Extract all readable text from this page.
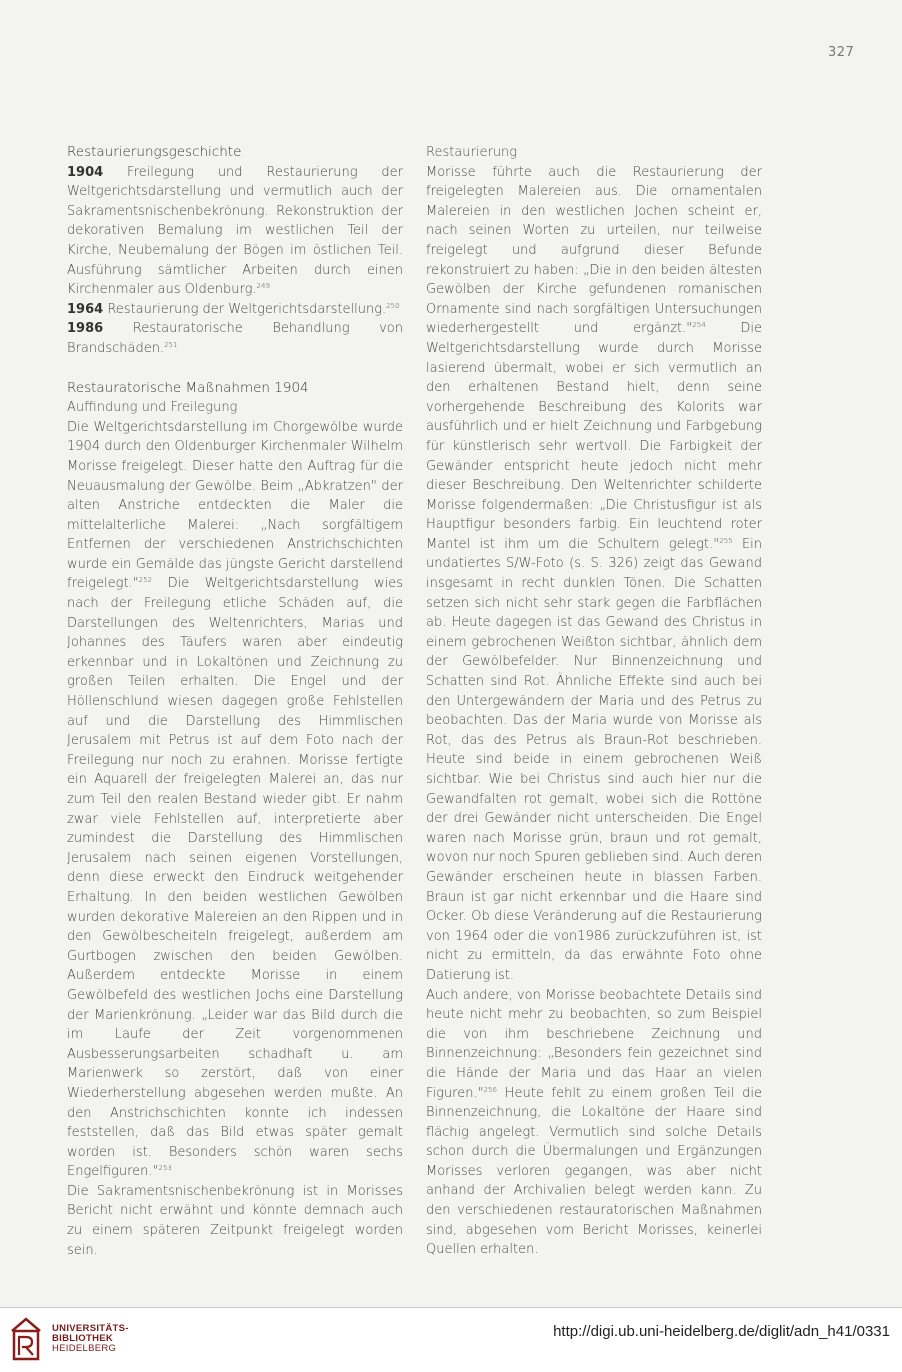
327

Restaurierungsgeschichte

1904 Freilegung und Restaurierung der Weltgerichtsdarstellung und vermutlich auch der Sakramentsnischenbekrönung. Rekonstruktion der dekorativen Bemalung im westlichen Teil der Kirche, Neubemalung der Bögen im östlichen Teil. Ausführung sämtlicher Arbeiten durch einen Kirchenmaler aus Oldenburg.$^{249}$

1964 Restaurierung der Weltgerichtsdarstellung.$^{250}$

1986 Restauratorische Behandlung von Brandschäden.$^{251}$

Restauratorische Maßnahmen 1904

Auffindung und Freilegung

Die Weltgerichtsdarstellung im Chorgewölbe wurde 1904 durch den Oldenburger Kirchenmaler Wilhelm Morisse freigelegt. Dieser hatte den Auftrag für die Neuausmalung der Gewölbe. Beim „Abkratzen" der alten Anstriche entdeckten die Maler die mittelalterliche Malerei: „Nach sorgfältigem Entfernen der verschiedenen Anstrichschichten wurde ein Gemälde das jüngste Gericht darstellend freigelegt."$^{252}$ Die Weltgerichtsdarstellung wies nach der Freilegung etliche Schäden auf, die Darstellungen des Weltenrichters, Marias und Johannes des Täufers waren aber eindeutig erkennbar und in Lokaltönen und Zeichnung zu großen Teilen erhalten. Die Engel und der Höllenschlund wiesen dagegen große Fehlstellen auf und die Darstellung des Himmlischen Jerusalem mit Petrus ist auf dem Foto nach der Freilegung nur noch zu erahnen. Morisse fertigte ein Aquarell der freigelegten Malerei an, das nur zum Teil den realen Bestand wieder gibt. Er nahm zwar viele Fehlstellen auf, interpretierte aber zumindest die Darstellung des Himmlischen Jerusalem nach seinen eigenen Vorstellungen, denn diese erweckt den Eindruck weitgehender Erhaltung. In den beiden westlichen Gewölben wurden dekorative Malereien an den Rippen und in den Gewölbescheiteln freigelegt, außerdem am Gurtbogen zwischen den beiden Gewölben. Außerdem entdeckte Morisse in einem Gewölbefeld des westlichen Jochs eine Darstellung der Marienkrönung. „Leider war das Bild durch die im Laufe der Zeit vorgenommenen Ausbesserungsarbeiten schadhaft u. am Marienwerk so zerstört, daß von einer Wiederherstellung abgesehen werden mußte. An den Anstrichschichten konnte ich indessen feststellen, daß das Bild etwas später gemalt worden ist. Besonders schön waren sechs Engelfiguren."$^{253}$

Die Sakramentsnischenbekrönung ist in Morisses Bericht nicht erwähnt und könnte demnach auch zu einem späteren Zeitpunkt freigelegt worden sein.

Restaurierung

Morisse führte auch die Restaurierung der freigelegten Malereien aus. Die ornamentalen Malereien in den westlichen Jochen scheint er, nach seinen Worten zu urteilen, nur teilweise freigelegt und aufgrund dieser Befunde rekonstruiert zu haben: „Die in den beiden ältesten Gewölben der Kirche gefundenen romanischen Ornamente sind nach sorgfältigen Untersuchungen wiederhergestellt und ergänzt."$^{254}$ Die Weltgerichtsdarstellung wurde durch Morisse lasierend übermalt, wobei er sich vermutlich an den erhaltenen Bestand hielt, denn seine vorhergehende Beschreibung des Kolorits war ausführlich und er hielt Zeichnung und Farbgebung für künstlerisch sehr wertvoll. Die Farbigkeit der Gewänder entspricht heute jedoch nicht mehr dieser Beschreibung. Den Weltenrichter schilderte Morisse folgendermaßen: „Die Christusfigur ist als Hauptfigur besonders farbig. Ein leuchtend roter Mantel ist ihm um die Schultern gelegt."$^{255}$ Ein undatiertes S/W-Foto (s. S. 326) zeigt das Gewand insgesamt in recht dunklen Tönen. Die Schatten setzen sich nicht sehr stark gegen die Farbflächen ab. Heute dagegen ist das Gewand des Christus in einem gebrochenen Weißton sichtbar, ähnlich dem der Gewölbefelder. Nur Binnenzeichnung und Schatten sind Rot. Ähnliche Effekte sind auch bei den Untergewändern der Maria und des Petrus zu beobachten. Das der Maria wurde von Morisse als Rot, das des Petrus als Braun-Rot beschrieben. Heute sind beide in einem gebrochenen Weiß sichtbar. Wie bei Christus sind auch hier nur die Gewandfalten rot gemalt, wobei sich die Rottöne der drei Gewänder nicht unterscheiden. Die Engel waren nach Morisse grün, braun und rot gemalt, wovon nur noch Spuren geblieben sind. Auch deren Gewänder erscheinen heute in blassen Farben. Braun ist gar nicht erkennbar und die Haare sind Ocker. Ob diese Veränderung auf die Restaurierung von 1964 oder die von1986 zurückzuführen ist, ist nicht zu ermitteln, da das erwähnte Foto ohne Datierung ist.

Auch andere, von Morisse beobachtete Details sind heute nicht mehr zu beobachten, so zum Beispiel die von ihm beschriebene Zeichnung und Binnenzeichnung: „Besonders fein gezeichnet sind die Hände der Maria und das Haar an vielen Figuren."$^{256}$ Heute fehlt zu einem großen Teil die Binnenzeichnung, die Lokaltöne der Haare sind flächig angelegt. Vermutlich sind solche Details schon durch die Übermalungen und Ergänzungen Morisses verloren gegangen, was aber nicht anhand der Archivalien belegt werden kann. Zu den verschiedenen restauratorischen Maßnahmen sind, abgesehen vom Bericht Morisses, keinerlei Quellen erhalten.

UNIVERSITÄTS-
BIBLIOTHEK
HEIDELBERG
http://digi.ub.uni-heidelberg.de/diglit/adn_h41/0331
